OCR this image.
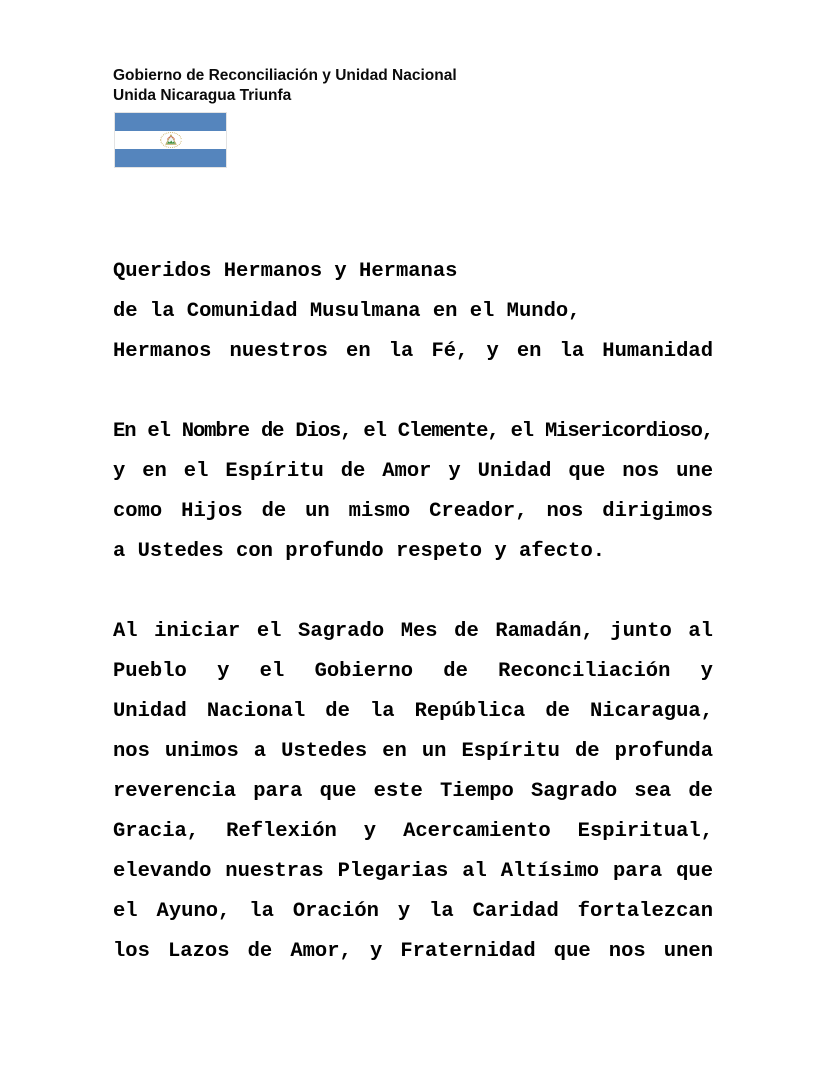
Gobierno de Reconciliación y Unidad Nacional
Unida Nicaragua Triunfa
Queridos Hermanos y Hermanas
de la Comunidad Musulmana en el Mundo,
Hermanos nuestros en la Fé, y en la Humanidad
En el Nombre de Dios, el Clemente, el Misericordioso,
y en el Espíritu de Amor y Unidad que nos une
como Hijos de un mismo Creador, nos dirigimos
a Ustedes con profundo respeto y afecto.
Al iniciar el Sagrado Mes de Ramadán, junto al
Pueblo y el Gobierno de Reconciliación y
Unidad Nacional de la República de Nicaragua,
nos unimos a Ustedes en un Espíritu de profunda
reverencia para que este Tiempo Sagrado sea de
Gracia, Reflexión y Acercamiento Espiritual,
elevando nuestras Plegarias al Altísimo para que
el Ayuno, la Oración y la Caridad fortalezcan
los Lazos de Amor, y Fraternidad que nos unen
